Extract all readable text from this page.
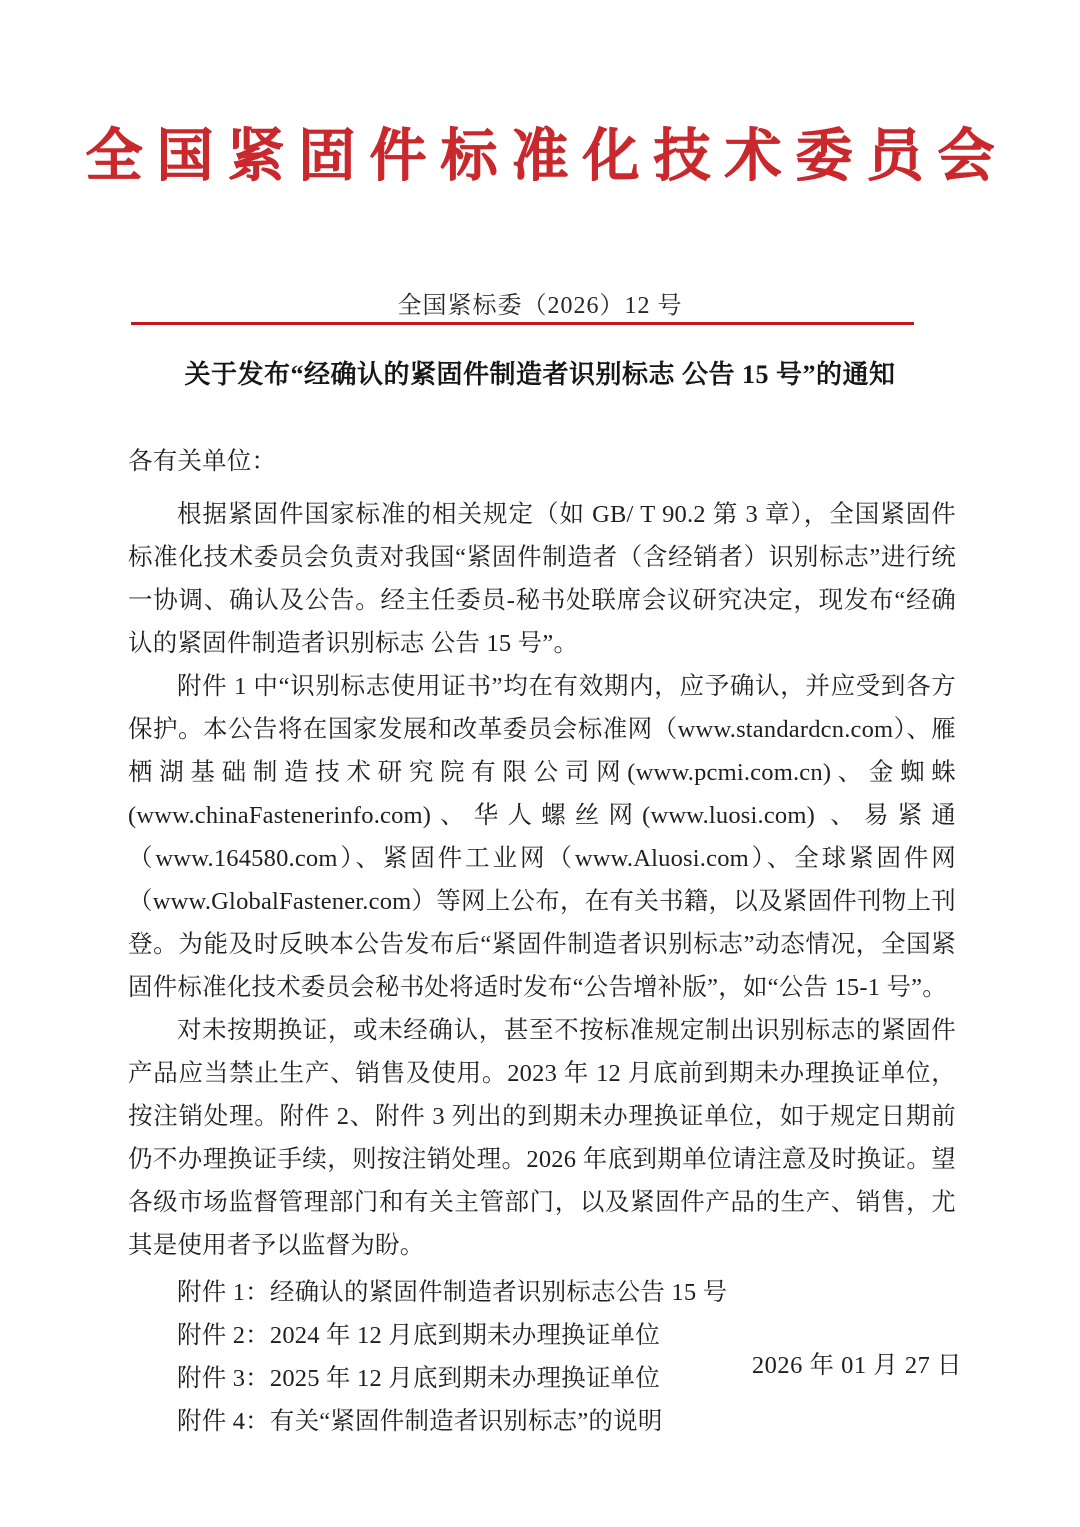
全国紧固件标准化技术委员会
全国紧标委（2026）12 号
关于发布“经确认的紧固件制造者识别标志 公告 15 号”的通知

各有关单位：

根据紧固件国家标准的相关规定（如 GB/ T 90.2 第 3 章），全国紧固件标准化技术委员会负责对我国“紧固件制造者（含经销者）识别标志”进行统一协调、确认及公告。经主任委员-秘书处联席会议研究决定，现发布“经确认的紧固件制造者识别标志 公告 15 号”。

附件 1 中“识别标志使用证书”均在有效期内，应予确认，并应受到各方保护。本公告将在国家发展和改革委员会标准网（www.standardcn.com）、雁栖湖基础制造技术研究院有限公司网(www.pcmi.com.cn)、金蜘蛛(www.chinaFastenerinfo.com)、华人螺丝网(www.luosi.com) 、易紧通（www.164580.com）、紧固件工业网（www.Aluosi.com）、全球紧固件网（www.GlobalFastener.com）等网上公布，在有关书籍，以及紧固件刊物上刊登。为能及时反映本公告发布后“紧固件制造者识别标志”动态情况，全国紧固件标准化技术委员会秘书处将适时发布“公告增补版”，如“公告 15-1 号”。

对未按期换证，或未经确认，甚至不按标准规定制出识别标志的紧固件产品应当禁止生产、销售及使用。2023 年 12 月底前到期未办理换证单位，按注销处理。附件 2、附件 3 列出的到期未办理换证单位，如于规定日期前仍不办理换证手续，则按注销处理。2026 年底到期单位请注意及时换证。望各级市场监督管理部门和有关主管部门，以及紧固件产品的生产、销售，尤其是使用者予以监督为盼。

附件 1：经确认的紧固件制造者识别标志公告 15 号

附件 2：2024 年 12 月底到期未办理换证单位

附件 3：2025 年 12 月底到期未办理换证单位

附件 4：有关“紧固件制造者识别标志”的说明

2026 年 01 月 27 日
